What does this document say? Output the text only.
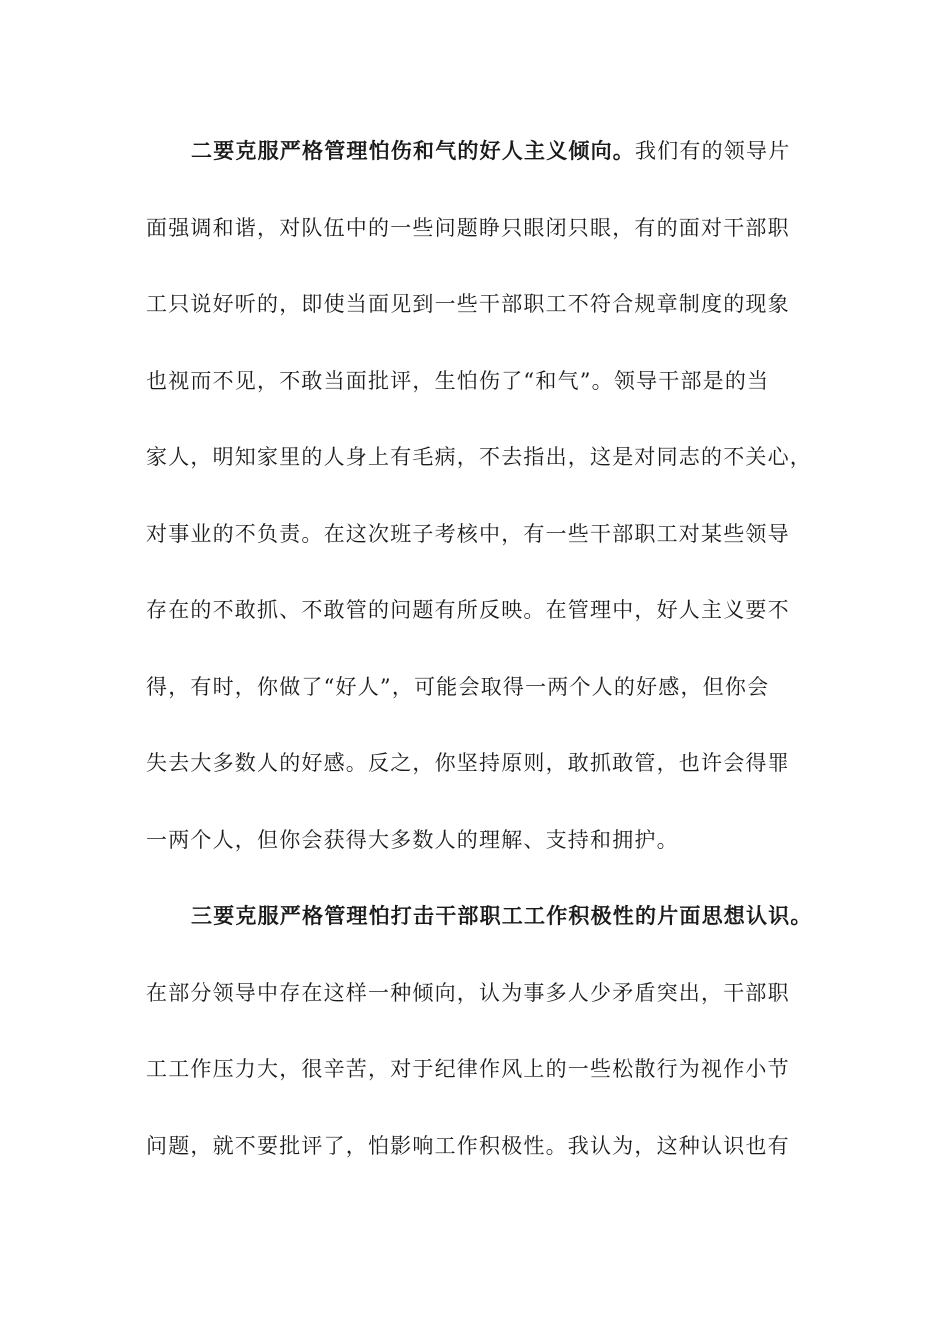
二要克服严格管理怕伤和气的好人主义倾向。我们有的领导片
面强调和谐，对队伍中的一些问题睁只眼闭只眼，有的面对干部职
工只说好听的，即使当面见到一些干部职工不符合规章制度的现象
也视而不见，不敢当面批评，生怕伤了“和气”。领导干部是的当
家人，明知家里的人身上有毛病，不去指出，这是对同志的不关心，
对事业的不负责。在这次班子考核中，有一些干部职工对某些领导
存在的不敢抓、不敢管的问题有所反映。在管理中，好人主义要不
得，有时，你做了“好人”，可能会取得一两个人的好感，但你会
失去大多数人的好感。反之，你坚持原则，敢抓敢管，也许会得罪
一两个人，但你会获得大多数人的理解、支持和拥护。
三要克服严格管理怕打击干部职工工作积极性的片面思想认识。
在部分领导中存在这样一种倾向，认为事多人少矛盾突出，干部职
工工作压力大，很辛苦，对于纪律作风上的一些松散行为视作小节
问题，就不要批评了，怕影响工作积极性。我认为，这种认识也有
